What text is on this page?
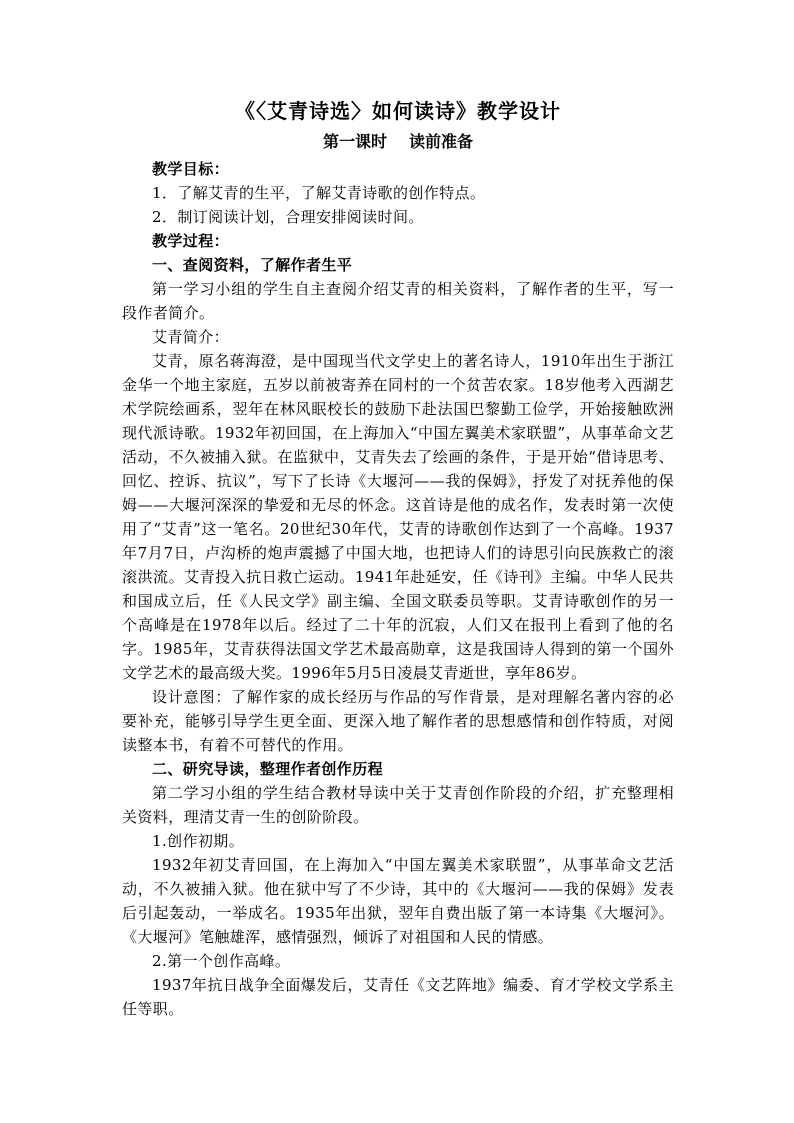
《〈艾青诗选〉如何读诗》教学设计
第一课时 读前准备

教学目标：

1．了解艾青的生平，了解艾青诗歌的创作特点。

2．制订阅读计划，合理安排阅读时间。

教学过程：

一、查阅资料，了解作者生平

第一学习小组的学生自主查阅介绍艾青的相关资料，了解作者的生平，写一段作者简介。

艾青简介：

艾青，原名蒋海澄，是中国现当代文学史上的著名诗人，1910年出生于浙江金华一个地主家庭，五岁以前被寄养在同村的一个贫苦农家。18岁他考入西湖艺术学院绘画系，翌年在林风眠校长的鼓励下赴法国巴黎勤工俭学，开始接触欧洲现代派诗歌。1932年初回国，在上海加入“中国左翼美术家联盟”，从事革命文艺活动，不久被捕入狱。在监狱中，艾青失去了绘画的条件，于是开始“借诗思考、回忆、控诉、抗议”，写下了长诗《大堰河——我的保姆》，抒发了对抚养他的保姆——大堰河深深的挚爱和无尽的怀念。这首诗是他的成名作，发表时第一次使用了“艾青”这一笔名。20世纪30年代，艾青的诗歌创作达到了一个高峰。1937年7月7日，卢沟桥的炮声震撼了中国大地，也把诗人们的诗思引向民族救亡的滚滚洪流。艾青投入抗日救亡运动。1941年赴延安，任《诗刊》主编。中华人民共和国成立后，任《人民文学》副主编、全国文联委员等职。艾青诗歌创作的另一个高峰是在1978年以后。经过了二十年的沉寂，人们又在报刊上看到了他的名字。1985年，艾青获得法国文学艺术最高勋章，这是我国诗人得到的第一个国外文学艺术的最高级大奖。1996年5月5日凌晨艾青逝世，享年86岁。

设计意图：了解作家的成长经历与作品的写作背景，是对理解名著内容的必要补充，能够引导学生更全面、更深入地了解作者的思想感情和创作特质，对阅读整本书，有着不可替代的作用。

二、研究导读，整理作者创作历程

第二学习小组的学生结合教材导读中关于艾青创作阶段的介绍，扩充整理相关资料，理清艾青一生的创阶阶段。

1.创作初期。

1932年初艾青回国，在上海加入“中国左翼美术家联盟”，从事革命文艺活动，不久被捕入狱。他在狱中写了不少诗，其中的《大堰河——我的保姆》发表后引起轰动，一举成名。1935年出狱，翌年自费出版了第一本诗集《大堰河》。《大堰河》笔触雄浑，感情强烈，倾诉了对祖国和人民的情感。

2.第一个创作高峰。

1937年抗日战争全面爆发后，艾青任《文艺阵地》编委、育才学校文学系主任等职。
